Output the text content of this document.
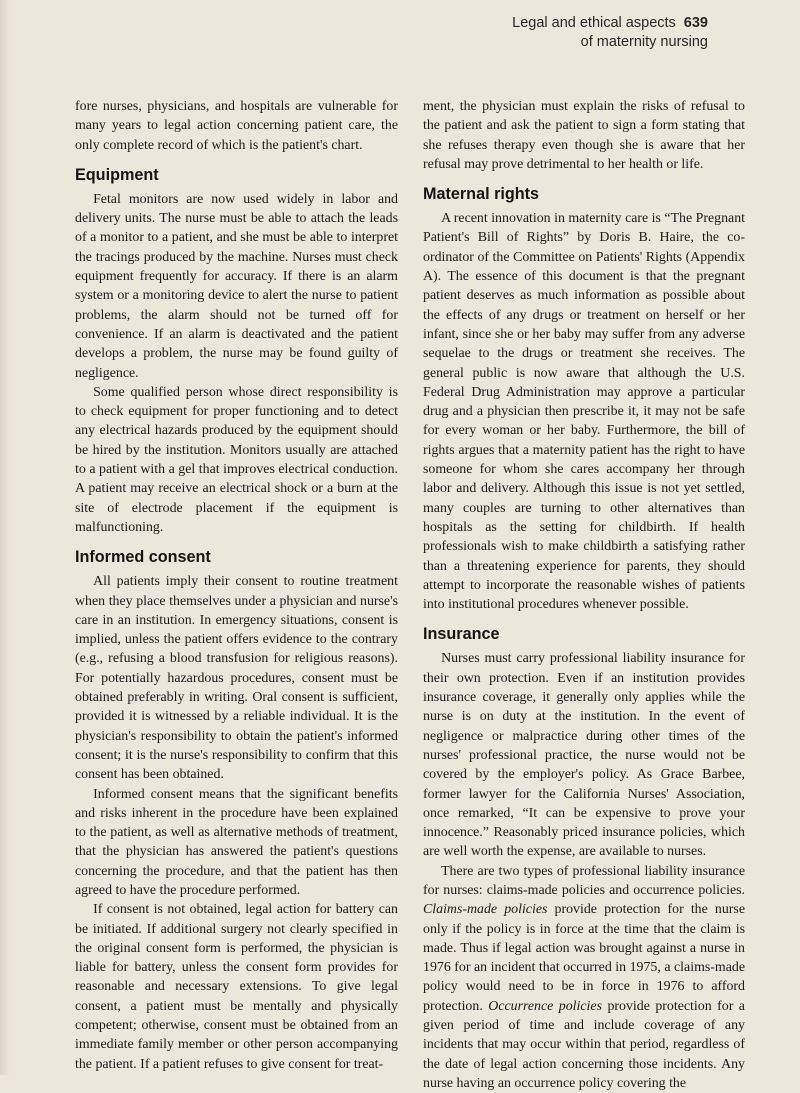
Legal and ethical aspects 639
of maternity nursing

fore nurses, physicians, and hospitals are vulnerable for many years to legal action concerning patient care, the only complete record of which is the patient's chart.

Equipment

Fetal monitors are now used widely in labor and delivery units. The nurse must be able to attach the leads of a monitor to a patient, and she must be able to interpret the tracings produced by the machine. Nurses must check equipment frequently for accuracy. If there is an alarm system or a monitoring device to alert the nurse to patient problems, the alarm should not be turned off for convenience. If an alarm is deactivated and the patient develops a problem, the nurse may be found guilty of negligence.

Some qualified person whose direct responsibility is to check equipment for proper functioning and to detect any electrical hazards produced by the equipment should be hired by the institution. Monitors usually are attached to a patient with a gel that improves electrical conduction. A patient may receive an electrical shock or a burn at the site of electrode placement if the equipment is malfunctioning.

Informed consent

All patients imply their consent to routine treatment when they place themselves under a physician and nurse's care in an institution. In emergency situations, consent is implied, unless the patient offers evidence to the contrary (e.g., refusing a blood transfusion for religious reasons). For potentially hazardous procedures, consent must be obtained preferably in writing. Oral consent is sufficient, provided it is witnessed by a reliable individual. It is the physician's responsibility to obtain the patient's informed consent; it is the nurse's responsibility to confirm that this consent has been obtained.

Informed consent means that the significant benefits and risks inherent in the procedure have been explained to the patient, as well as alternative methods of treatment, that the physician has answered the patient's questions concerning the procedure, and that the patient has then agreed to have the procedure performed.

If consent is not obtained, legal action for battery can be initiated. If additional surgery not clearly specified in the original consent form is performed, the physician is liable for battery, unless the consent form provides for reasonable and necessary extensions. To give legal consent, a patient must be mentally and physically competent; otherwise, consent must be obtained from an immediate family member or other person accompanying the patient. If a patient refuses to give consent for treat-

ment, the physician must explain the risks of refusal to the patient and ask the patient to sign a form stating that she refuses therapy even though she is aware that her refusal may prove detrimental to her health or life.

Maternal rights

A recent innovation in maternity care is “The Pregnant Patient's Bill of Rights” by Doris B. Haire, the co-ordinator of the Committee on Patients' Rights (Appendix A). The essence of this document is that the pregnant patient deserves as much information as possible about the effects of any drugs or treatment on herself or her infant, since she or her baby may suffer from any adverse sequelae to the drugs or treatment she receives. The general public is now aware that although the U.S. Federal Drug Administration may approve a particular drug and a physician then prescribe it, it may not be safe for every woman or her baby. Furthermore, the bill of rights argues that a maternity patient has the right to have someone for whom she cares accompany her through labor and delivery. Although this issue is not yet settled, many couples are turning to other alternatives than hospitals as the setting for childbirth. If health professionals wish to make childbirth a satisfying rather than a threatening experience for parents, they should attempt to incorporate the reasonable wishes of patients into institutional procedures whenever possible.

Insurance

Nurses must carry professional liability insurance for their own protection. Even if an institution provides insurance coverage, it generally only applies while the nurse is on duty at the institution. In the event of negligence or malpractice during other times of the nurses' professional practice, the nurse would not be covered by the employer's policy. As Grace Barbee, former lawyer for the California Nurses' Association, once remarked, “It can be expensive to prove your innocence.” Reasonably priced insurance policies, which are well worth the expense, are available to nurses.

There are two types of professional liability insurance for nurses: claims-made policies and occurrence policies. Claims-made policies provide protection for the nurse only if the policy is in force at the time that the claim is made. Thus if legal action was brought against a nurse in 1976 for an incident that occurred in 1975, a claims-made policy would need to be in force in 1976 to afford protection. Occurrence policies provide protection for a given period of time and include coverage of any incidents that may occur within that period, regardless of the date of legal action concerning those incidents. Any nurse having an occurrence policy covering the
